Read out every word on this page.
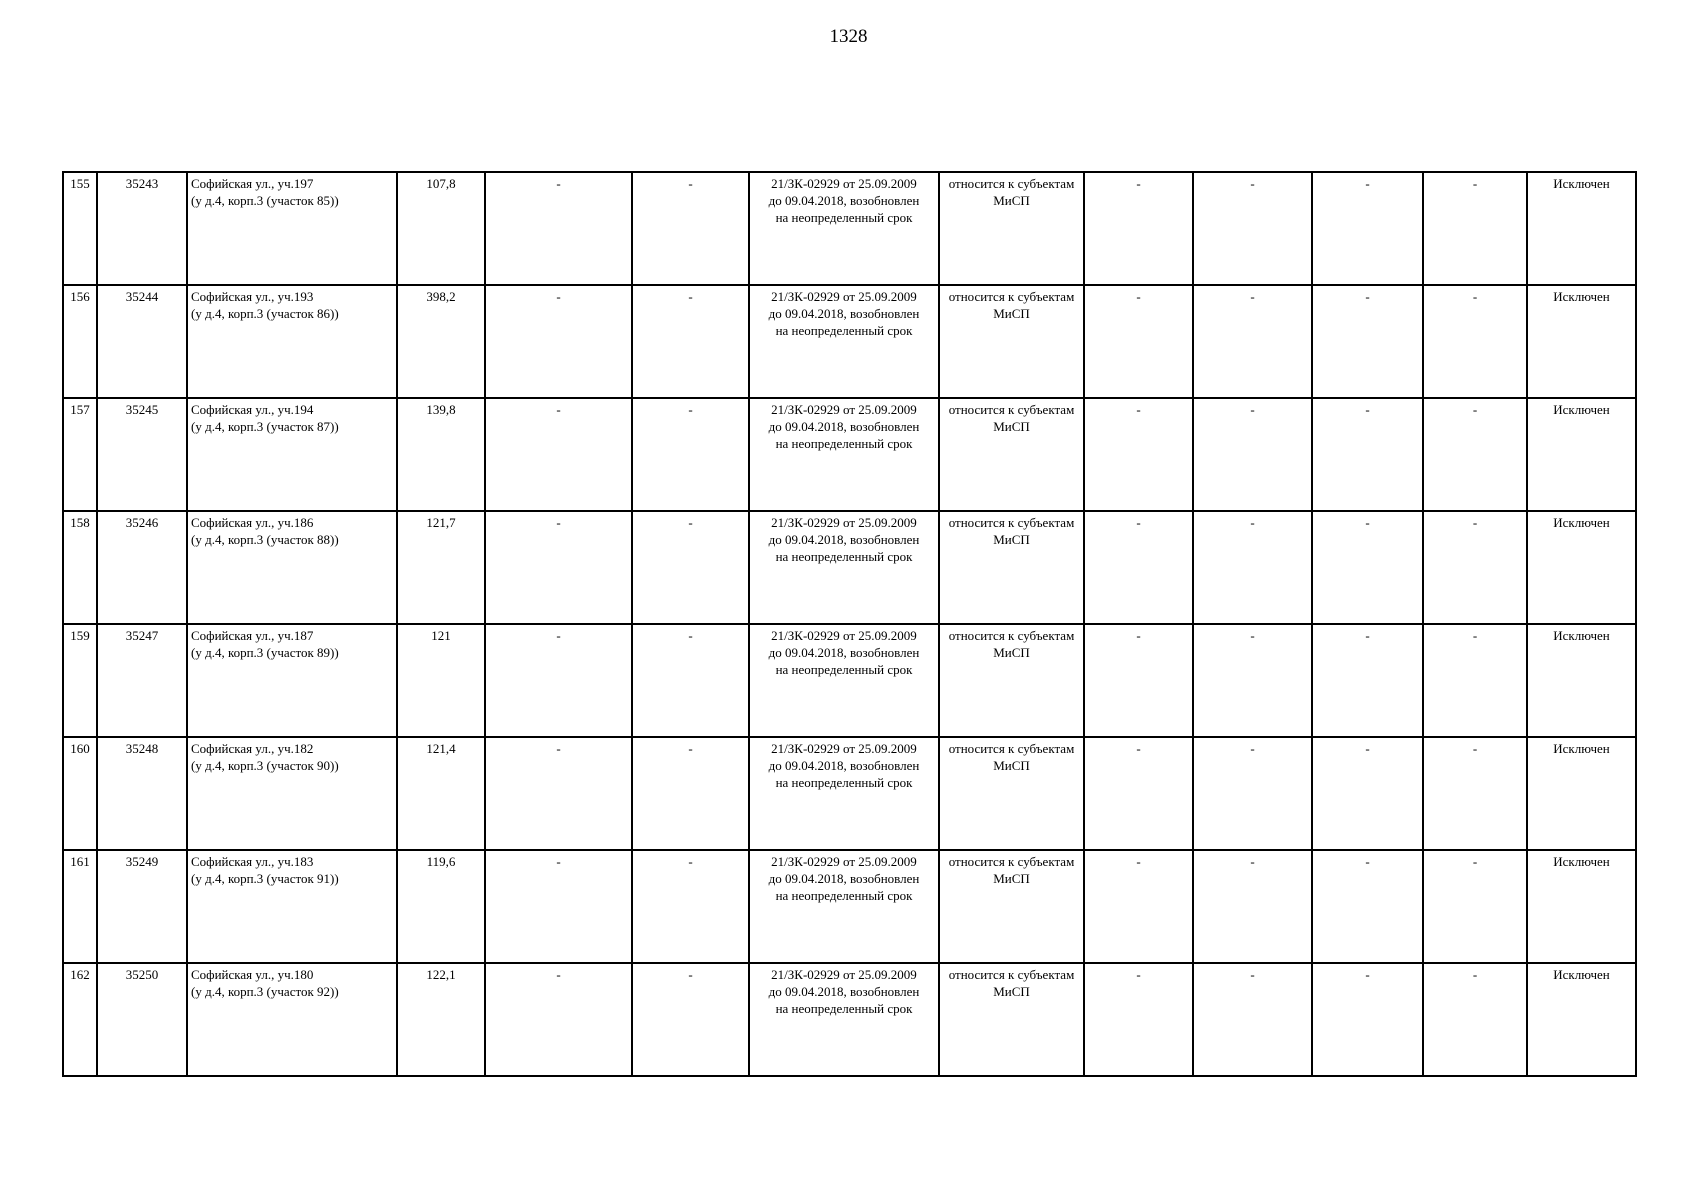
1328
155	35243	Софийская ул., уч.197
(у д.4, корп.3 (участок 85))	107,8	-	-	21/ЗК-02929 от 25.09.2009
до 09.04.2018, возобновлен
на неопределенный срок	относится к субъектам
МиСП	-	-	-	-	Исключен
156	35244	Софийская ул., уч.193
(у д.4, корп.3 (участок 86))	398,2	-	-	21/ЗК-02929 от 25.09.2009
до 09.04.2018, возобновлен
на неопределенный срок	относится к субъектам
МиСП	-	-	-	-	Исключен
157	35245	Софийская ул., уч.194
(у д.4, корп.3 (участок 87))	139,8	-	-	21/ЗК-02929 от 25.09.2009
до 09.04.2018, возобновлен
на неопределенный срок	относится к субъектам
МиСП	-	-	-	-	Исключен
158	35246	Софийская ул., уч.186
(у д.4, корп.3 (участок 88))	121,7	-	-	21/ЗК-02929 от 25.09.2009
до 09.04.2018, возобновлен
на неопределенный срок	относится к субъектам
МиСП	-	-	-	-	Исключен
159	35247	Софийская ул., уч.187
(у д.4, корп.3 (участок 89))	121	-	-	21/ЗК-02929 от 25.09.2009
до 09.04.2018, возобновлен
на неопределенный срок	относится к субъектам
МиСП	-	-	-	-	Исключен
160	35248	Софийская ул., уч.182
(у д.4, корп.3 (участок 90))	121,4	-	-	21/ЗК-02929 от 25.09.2009
до 09.04.2018, возобновлен
на неопределенный срок	относится к субъектам
МиСП	-	-	-	-	Исключен
161	35249	Софийская ул., уч.183
(у д.4, корп.3 (участок 91))	119,6	-	-	21/ЗК-02929 от 25.09.2009
до 09.04.2018, возобновлен
на неопределенный срок	относится к субъектам
МиСП	-	-	-	-	Исключен
162	35250	Софийская ул., уч.180
(у д.4, корп.3 (участок 92))	122,1	-	-	21/ЗК-02929 от 25.09.2009
до 09.04.2018, возобновлен
на неопределенный срок	относится к субъектам
МиСП	-	-	-	-	Исключен
